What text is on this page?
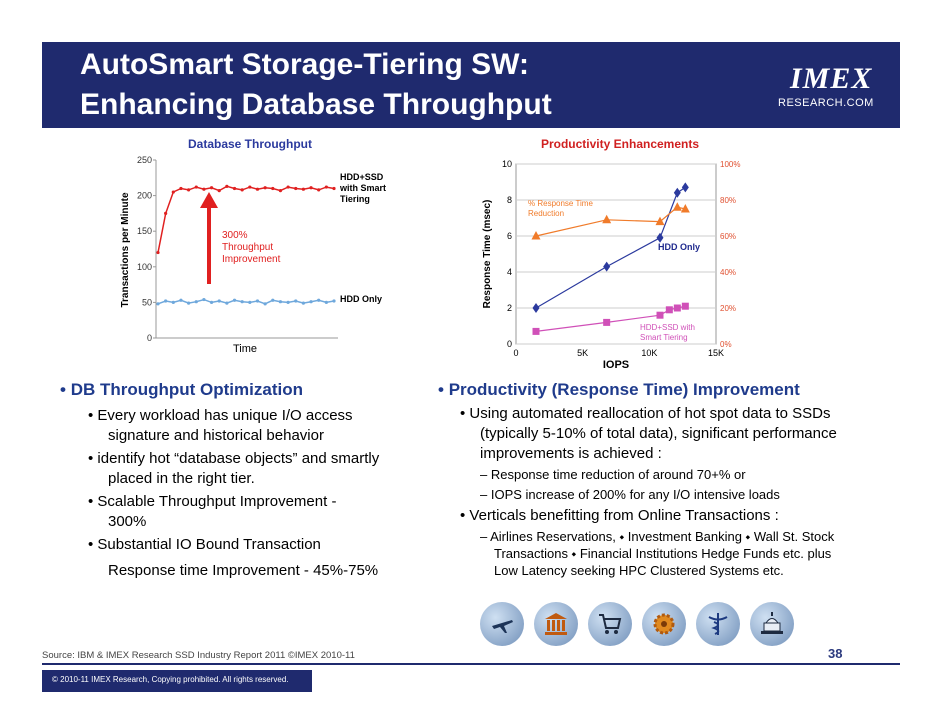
AutoSmart Storage-Tiering SW:
Enhancing Database Throughput
IMEX
RESEARCH.COM
Database Throughput
0
50
100
150
200
250
Time
Transactions per Minute	300% Throughput Improvement
HDD+SSD with Smart Tiering
HDD Only
Productivity Enhancements
0
2
4
6
8
10
0%
20%
40%
60%
80%
100%
0	5K	10K	15K
IOPS
Response Time (msec)	% Response Time Reduction
HDD Only
HDD+SSD with Smart Tiering
• DB Throughput Optimization
• Every workload has unique I/O access
signature and historical behavior
• identify hot “database objects” and smartly
placed in the right tier.
• Scalable Throughput Improvement -
300%
• Substantial IO Bound Transaction
Response time Improvement - 45%-75%
• Productivity (Response Time) Improvement
• Using automated reallocation of hot spot data to SSDs
(typically 5-10% of total data), significant performance
improvements is achieved :
– Response time reduction of around 70+% or
– IOPS increase of 200% for any I/O intensive loads
• Verticals benefitting from Online Transactions :
– Airlines Reservations, ⬩ Investment Banking ⬩ Wall St. Stock
Transactions ⬩ Financial Institutions Hedge Funds etc. plus
Low Latency seeking HPC Clustered Systems etc.
Source: IBM & IMEX Research SSD Industry Report 2011 ©IMEX 2010-11	38
© 2010-11 IMEX Research, Copying prohibited. All rights reserved.
